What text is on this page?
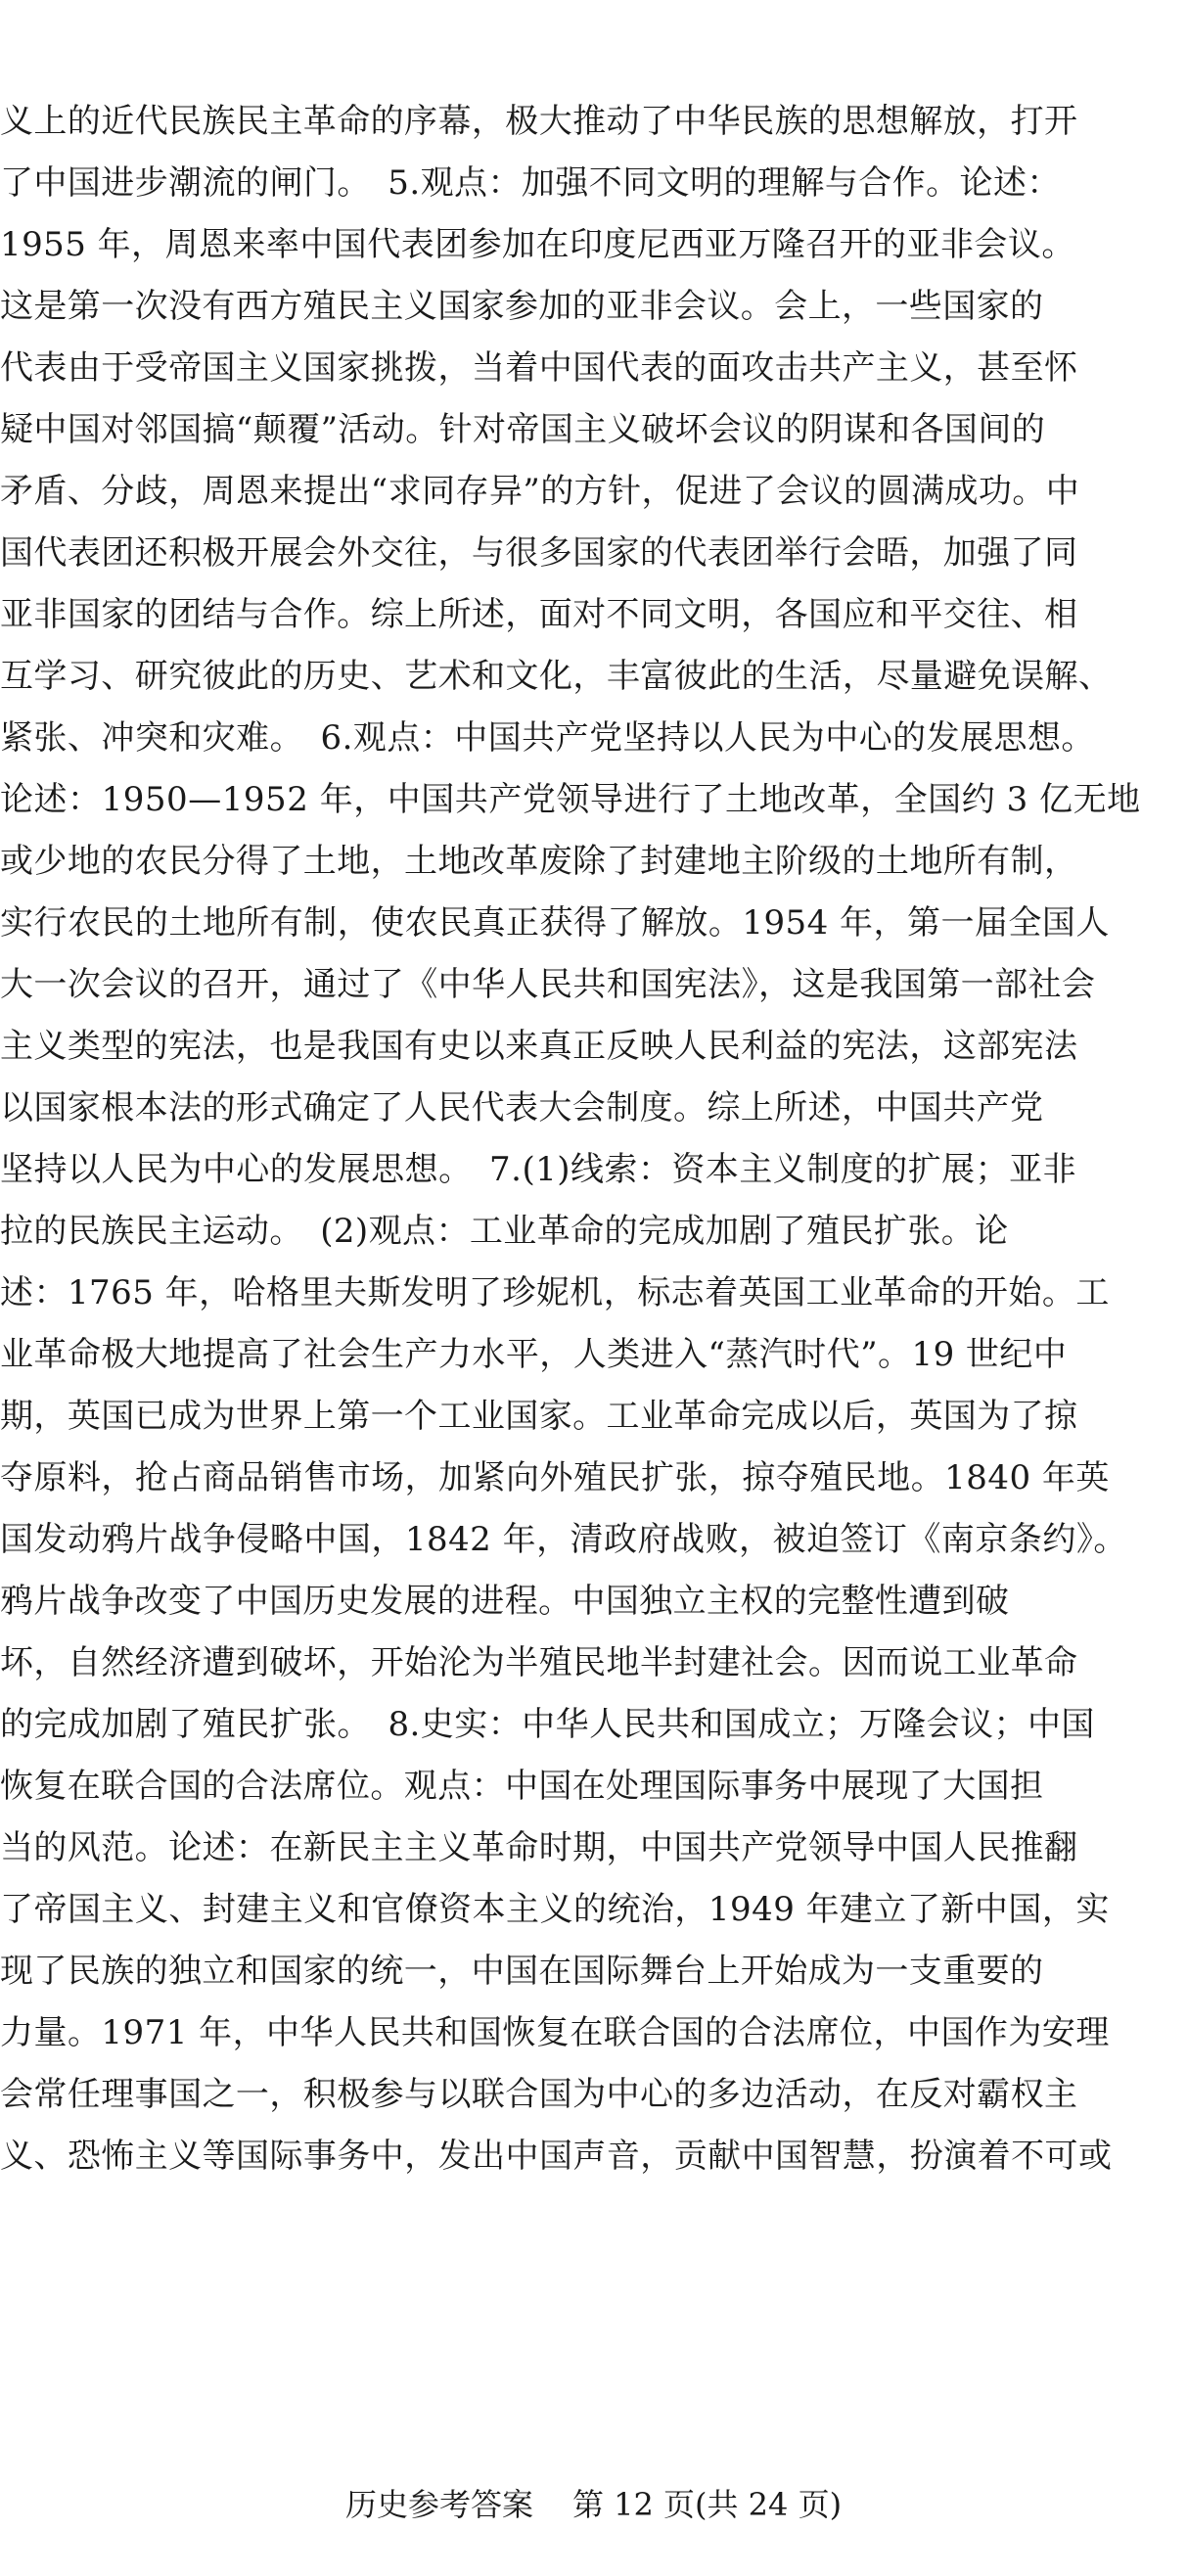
义上的近代民族民主革命的序幕，极大推动了中华民族的思想解放，打开
了中国进步潮流的闸门。　5.观点：加强不同文明的理解与合作。论述：
1955 年，周恩来率中国代表团参加在印度尼西亚万隆召开的亚非会议。
这是第一次没有西方殖民主义国家参加的亚非会议。会上，一些国家的
代表由于受帝国主义国家挑拨，当着中国代表的面攻击共产主义，甚至怀
疑中国对邻国搞“颠覆”活动。针对帝国主义破坏会议的阴谋和各国间的
矛盾、分歧，周恩来提出“求同存异”的方针，促进了会议的圆满成功。中
国代表团还积极开展会外交往，与很多国家的代表团举行会晤，加强了同
亚非国家的团结与合作。综上所述，面对不同文明，各国应和平交往、相
互学习、研究彼此的历史、艺术和文化，丰富彼此的生活，尽量避免误解、
紧张、冲突和灾难。　6.观点：中国共产党坚持以人民为中心的发展思想。
论述：1950—1952 年，中国共产党领导进行了土地改革，全国约 3 亿无地
或少地的农民分得了土地，土地改革废除了封建地主阶级的土地所有制，
实行农民的土地所有制，使农民真正获得了解放。1954 年，第一届全国人
大一次会议的召开，通过了《中华人民共和国宪法》，这是我国第一部社会
主义类型的宪法，也是我国有史以来真正反映人民利益的宪法，这部宪法
以国家根本法的形式确定了人民代表大会制度。综上所述，中国共产党
坚持以人民为中心的发展思想。　7.(1)线索：资本主义制度的扩展；亚非
拉的民族民主运动。　(2)观点：工业革命的完成加剧了殖民扩张。论
述：1765 年，哈格里夫斯发明了珍妮机，标志着英国工业革命的开始。工
业革命极大地提高了社会生产力水平，人类进入“蒸汽时代”。19 世纪中
期，英国已成为世界上第一个工业国家。工业革命完成以后，英国为了掠
夺原料，抢占商品销售市场，加紧向外殖民扩张，掠夺殖民地。1840 年英
国发动鸦片战争侵略中国，1842 年，清政府战败，被迫签订《南京条约》。
鸦片战争改变了中国历史发展的进程。中国独立主权的完整性遭到破
坏，自然经济遭到破坏，开始沦为半殖民地半封建社会。因而说工业革命
的完成加剧了殖民扩张。　8.史实：中华人民共和国成立；万隆会议；中国
恢复在联合国的合法席位。观点：中国在处理国际事务中展现了大国担
当的风范。论述：在新民主主义革命时期，中国共产党领导中国人民推翻
了帝国主义、封建主义和官僚资本主义的统治，1949 年建立了新中国，实
现了民族的独立和国家的统一，中国在国际舞台上开始成为一支重要的
力量。1971 年，中华人民共和国恢复在联合国的合法席位，中国作为安理
会常任理事国之一，积极参与以联合国为中心的多边活动，在反对霸权主
义、恐怖主义等国际事务中，发出中国声音，贡献中国智慧，扮演着不可或
历史参考答案 第 12 页(共 24 页)
